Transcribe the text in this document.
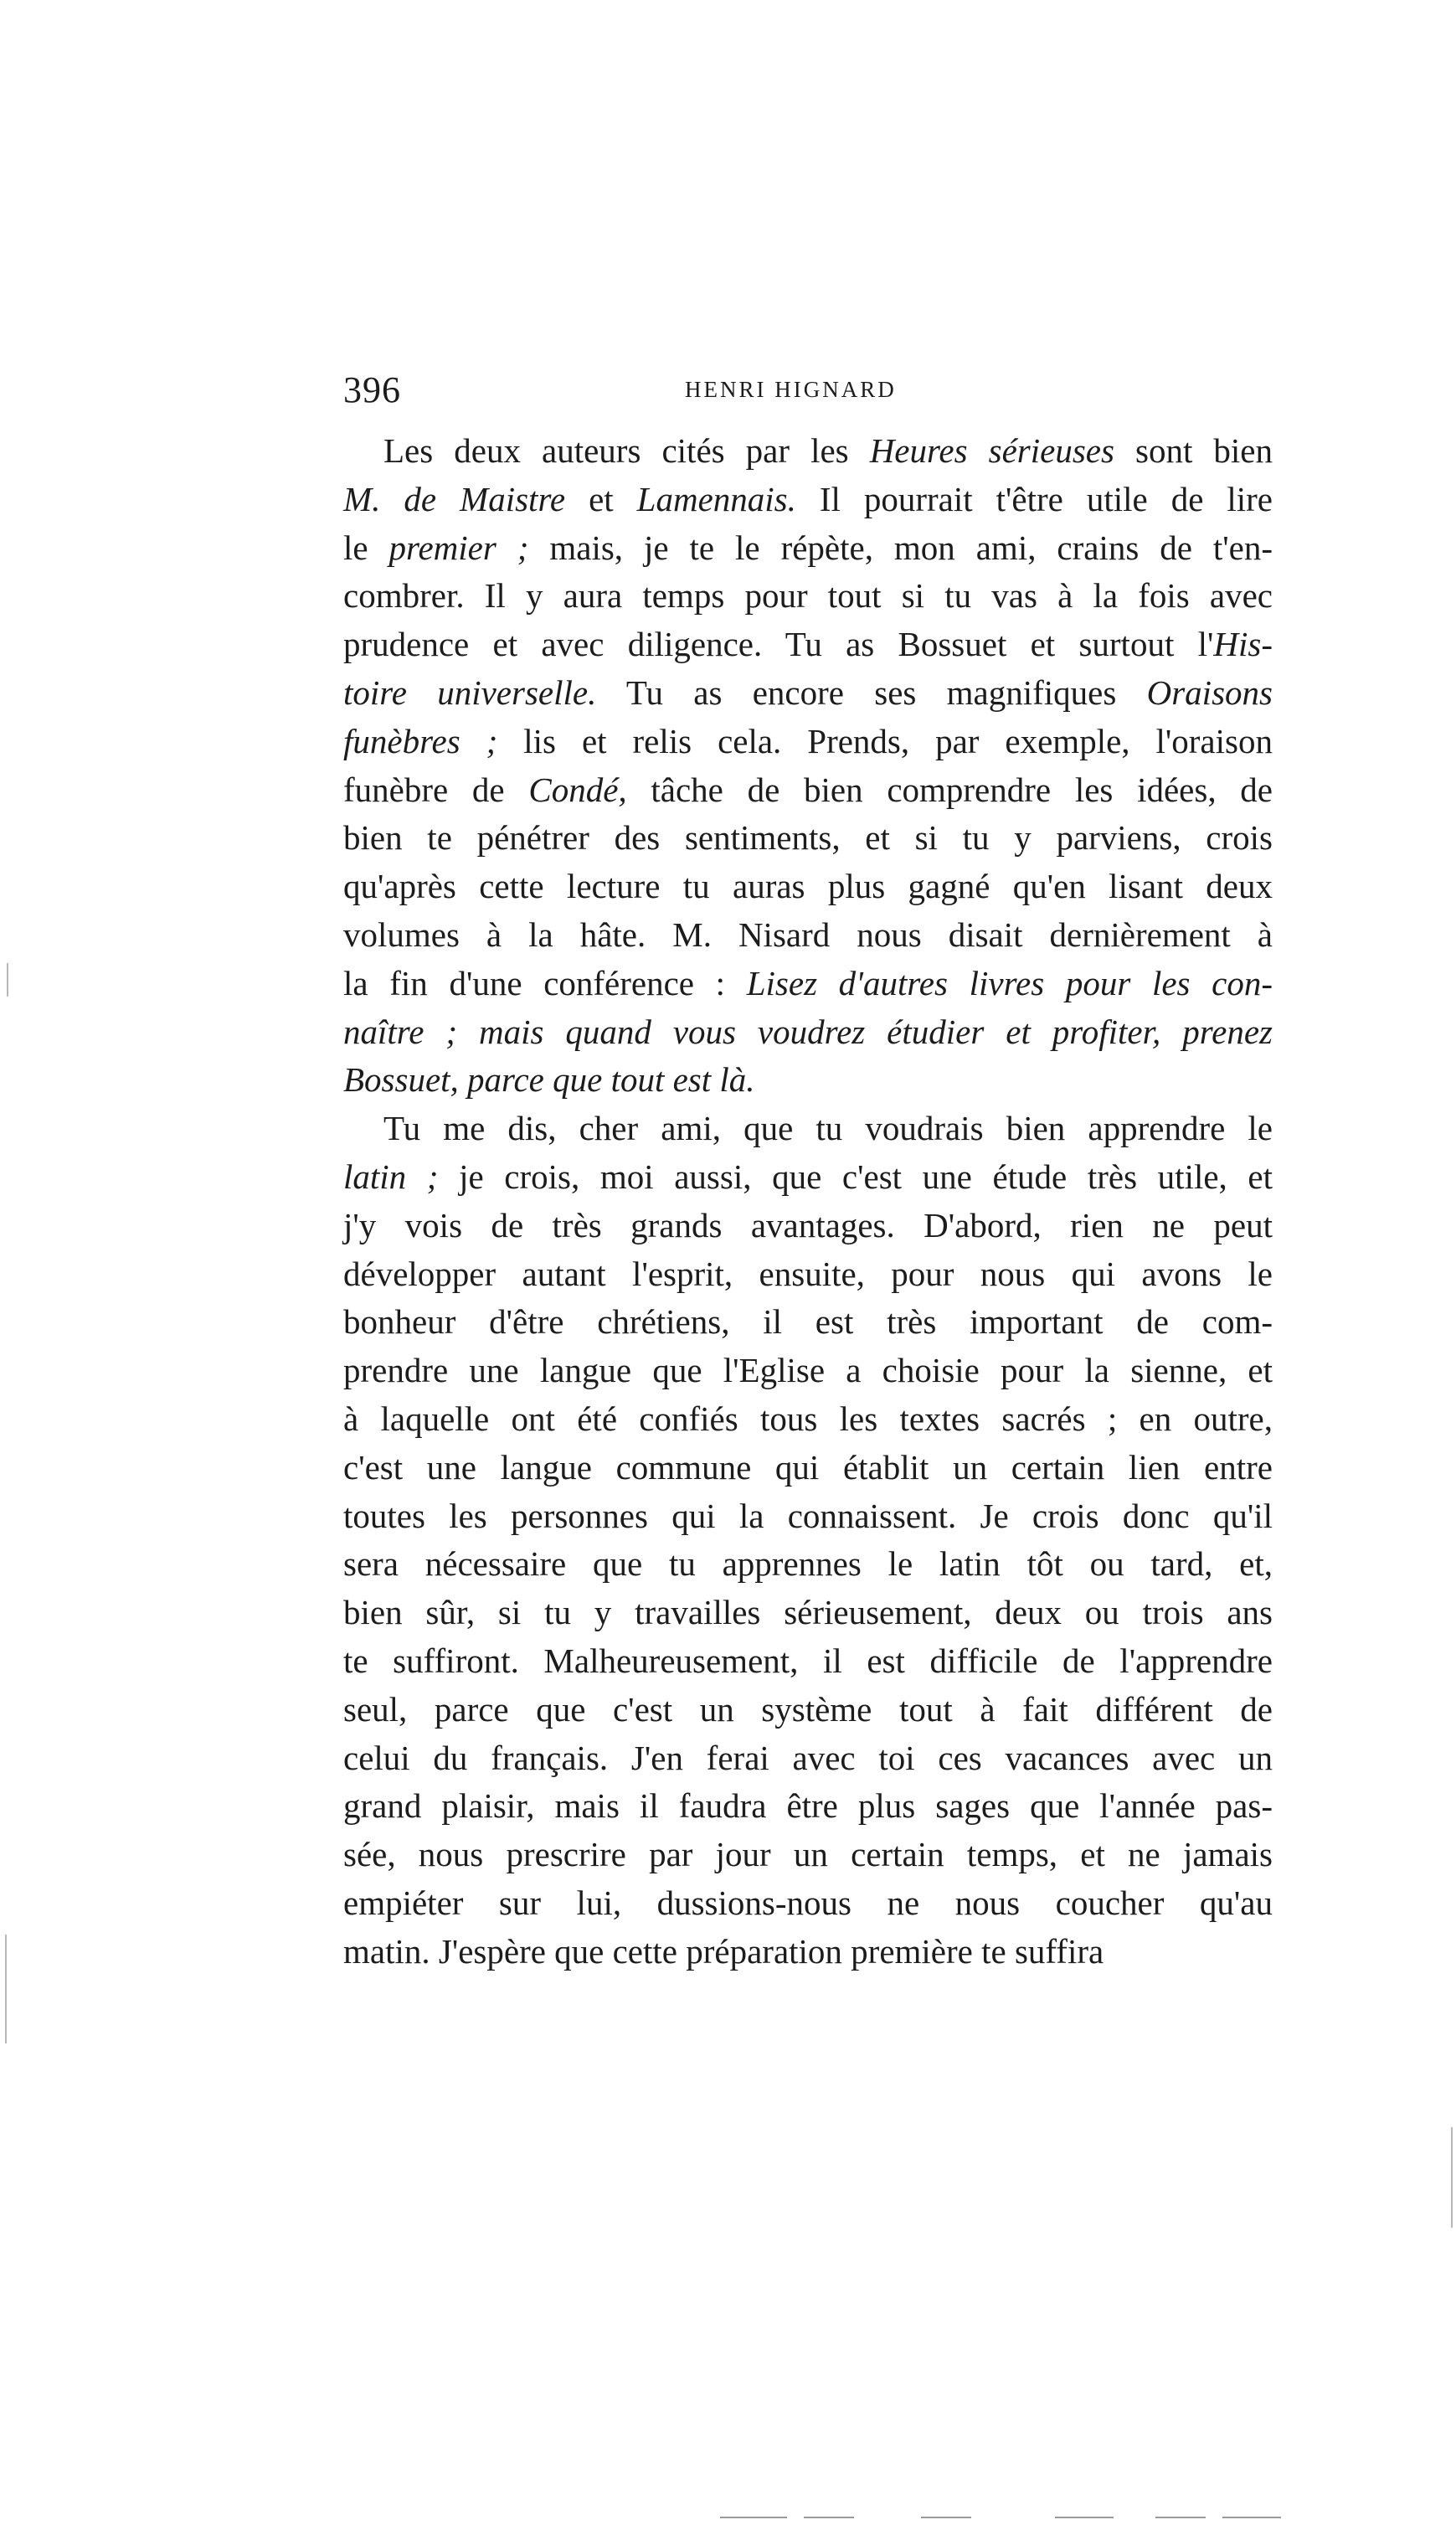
396	HENRI HIGNARD
Les deux auteurs cités par les Heures sérieuses sont bien
M. de Maistre et Lamennais. Il pourrait t'être utile de lire
le premier ; mais, je te le répète, mon ami, crains de t'en-
combrer. Il y aura temps pour tout si tu vas à la fois avec
prudence et avec diligence. Tu as Bossuet et surtout l'His-
toire universelle. Tu as encore ses magnifiques Oraisons
funèbres ; lis et relis cela. Prends, par exemple, l'oraison
funèbre de Condé, tâche de bien comprendre les idées, de
bien te pénétrer des sentiments, et si tu y parviens, crois
qu'après cette lecture tu auras plus gagné qu'en lisant deux
volumes à la hâte. M. Nisard nous disait dernièrement à
la fin d'une conférence : Lisez d'autres livres pour les con-
naître ; mais quand vous voudrez étudier et profiter, prenez
Bossuet, parce que tout est là.
Tu me dis, cher ami, que tu voudrais bien apprendre le
latin ; je crois, moi aussi, que c'est une étude très utile, et
j'y vois de très grands avantages. D'abord, rien ne peut
développer autant l'esprit, ensuite, pour nous qui avons le
bonheur d'être chrétiens, il est très important de com-
prendre une langue que l'Eglise a choisie pour la sienne, et
à laquelle ont été confiés tous les textes sacrés ; en outre,
c'est une langue commune qui établit un certain lien entre
toutes les personnes qui la connaissent. Je crois donc qu'il
sera nécessaire que tu apprennes le latin tôt ou tard, et,
bien sûr, si tu y travailles sérieusement, deux ou trois ans
te suffiront. Malheureusement, il est difficile de l'apprendre
seul, parce que c'est un système tout à fait différent de
celui du français. J'en ferai avec toi ces vacances avec un
grand plaisir, mais il faudra être plus sages que l'année pas-
sée, nous prescrire par jour un certain temps, et ne jamais
empiéter sur lui, dussions-nous ne nous coucher qu'au
matin. J'espère que cette préparation première te suffira
